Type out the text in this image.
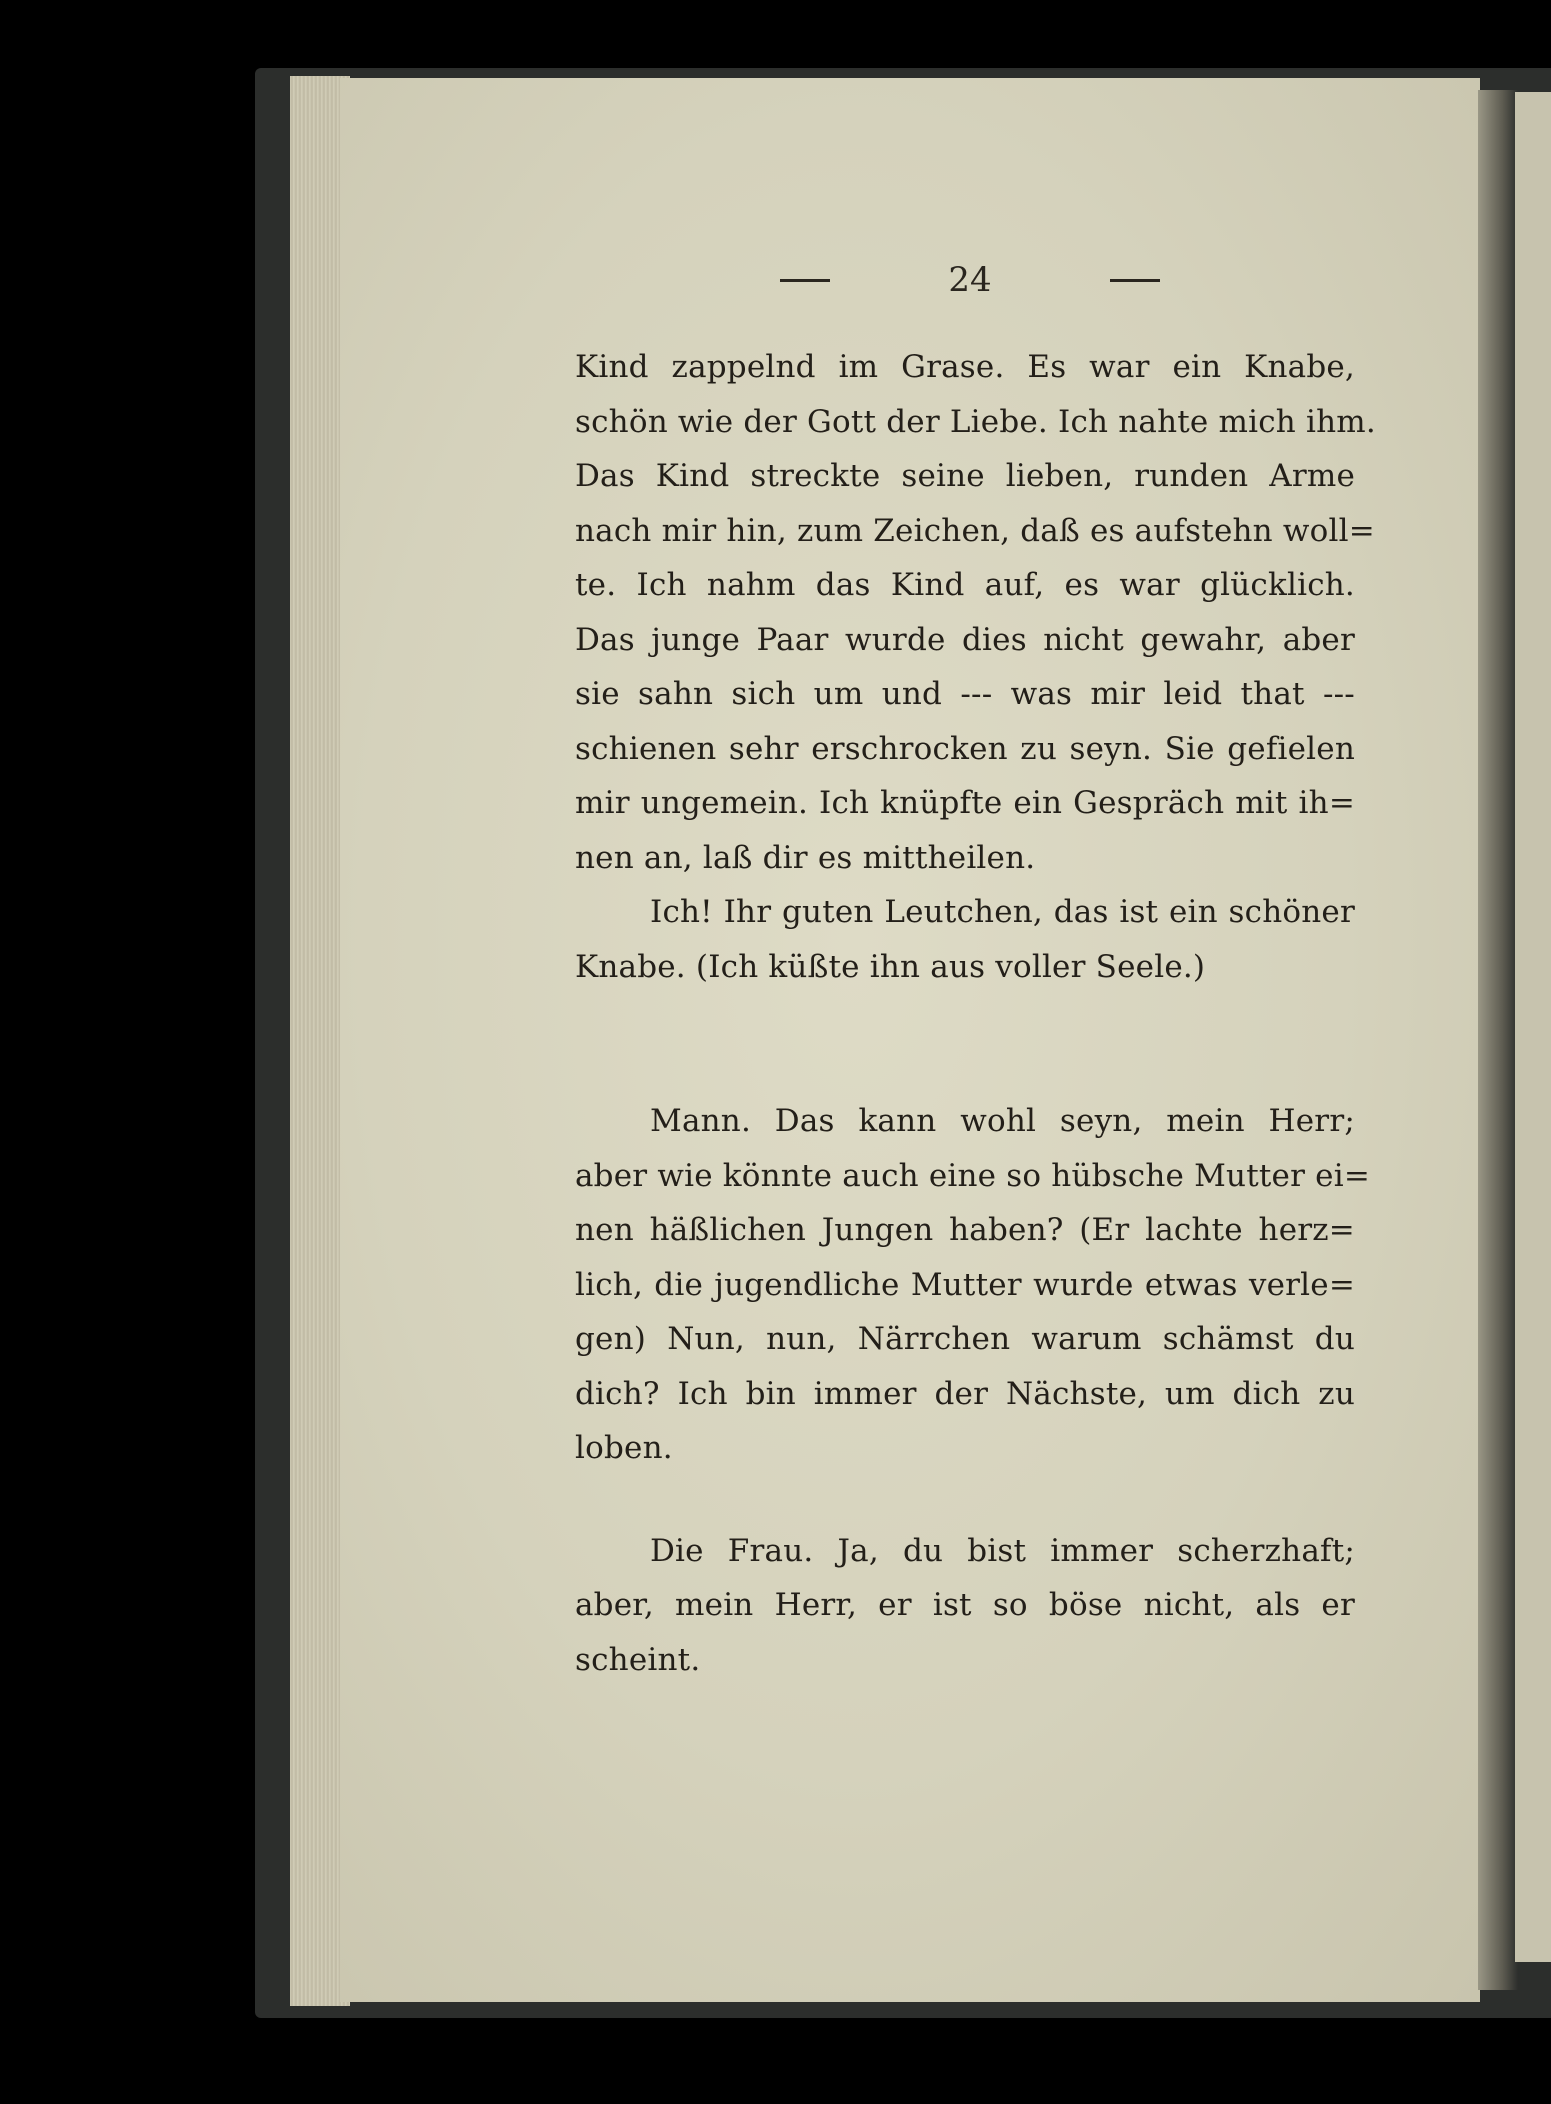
24
Kind zappelnd im Grase. Es war ein Knabe,
schön wie der Gott der Liebe. Ich nahte mich ihm.
Das Kind streckte seine lieben, runden Arme
nach mir hin, zum Zeichen, daß es aufstehn woll=
te. Ich nahm das Kind auf, es war glücklich.
Das junge Paar wurde dies nicht gewahr, aber
sie sahn sich um und --- was mir leid that ---
schienen sehr erschrocken zu seyn. Sie gefielen
mir ungemein. Ich knüpfte ein Gespräch mit ih=
nen an, laß dir es mittheilen.
Ich! Ihr guten Leutchen, das ist ein schöner
Knabe. (Ich küßte ihn aus voller Seele.)
Mann. Das kann wohl seyn, mein Herr;
aber wie könnte auch eine so hübsche Mutter ei=
nen häßlichen Jungen haben? (Er lachte herz=
lich, die jugendliche Mutter wurde etwas verle=
gen) Nun, nun, Närrchen warum schämst du
dich? Ich bin immer der Nächste, um dich zu
loben.
Die Frau. Ja, du bist immer scherzhaft;
aber, mein Herr, er ist so böse nicht, als er
scheint.
